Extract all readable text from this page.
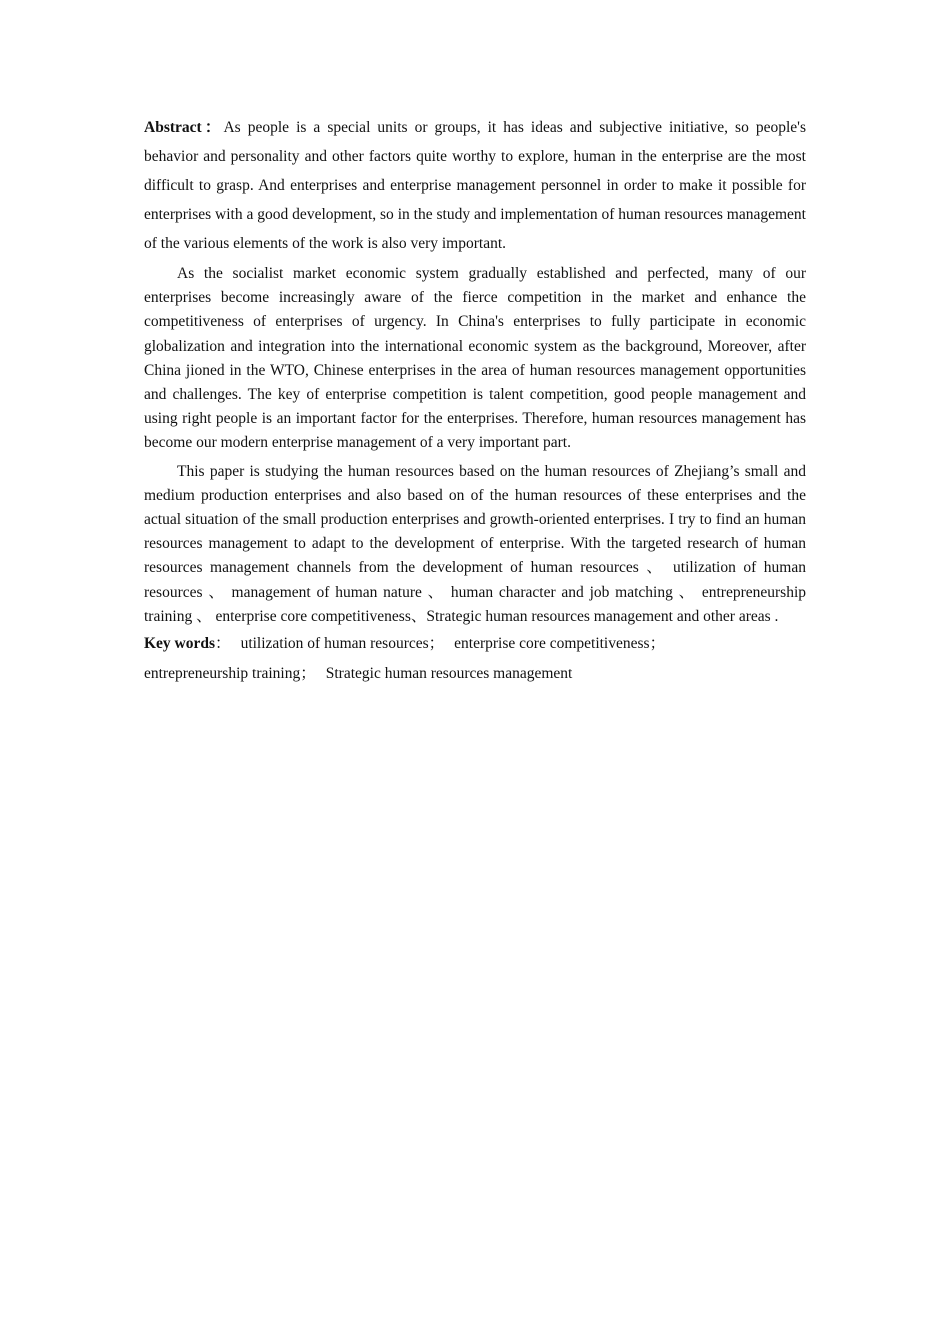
Abstract：As people is a special units or groups, it has ideas and subjective initiative, so people's behavior and personality and other factors quite worthy to explore, human in the enterprise are the most difficult to grasp. And enterprises and enterprise management personnel in order to make it possible for enterprises with a good development, so in the study and implementation of human resources management of the various elements of the work is also very important.

As the socialist market economic system gradually established and perfected, many of our enterprises become increasingly aware of the fierce competition in the market and enhance the competitiveness of enterprises of urgency. In China's enterprises to fully participate in economic globalization and integration into the international economic system as the background, Moreover, after China jioned in the WTO, Chinese enterprises in the area of human resources management opportunities and challenges. The key of enterprise competition is talent competition, good people management and using right people is an important factor for the enterprises. Therefore, human resources management has become our modern enterprise management of a very important part.

This paper is studying the human resources based on the human resources of Zhejiang’s small and medium production enterprises and also based on of the human resources of these enterprises and the actual situation of the small production enterprises and growth-oriented enterprises. I try to find an human resources management to adapt to the development of enterprise. With the targeted research of human resources management channels from the development of human resources 、 utilization of human resources 、 management of human nature 、 human character and job matching 、 entrepreneurship training 、 enterprise core competitiveness、Strategic human resources management and other areas .

Key words： utilization of human resources； enterprise core competitiveness；

entrepreneurship training； Strategic human resources management
